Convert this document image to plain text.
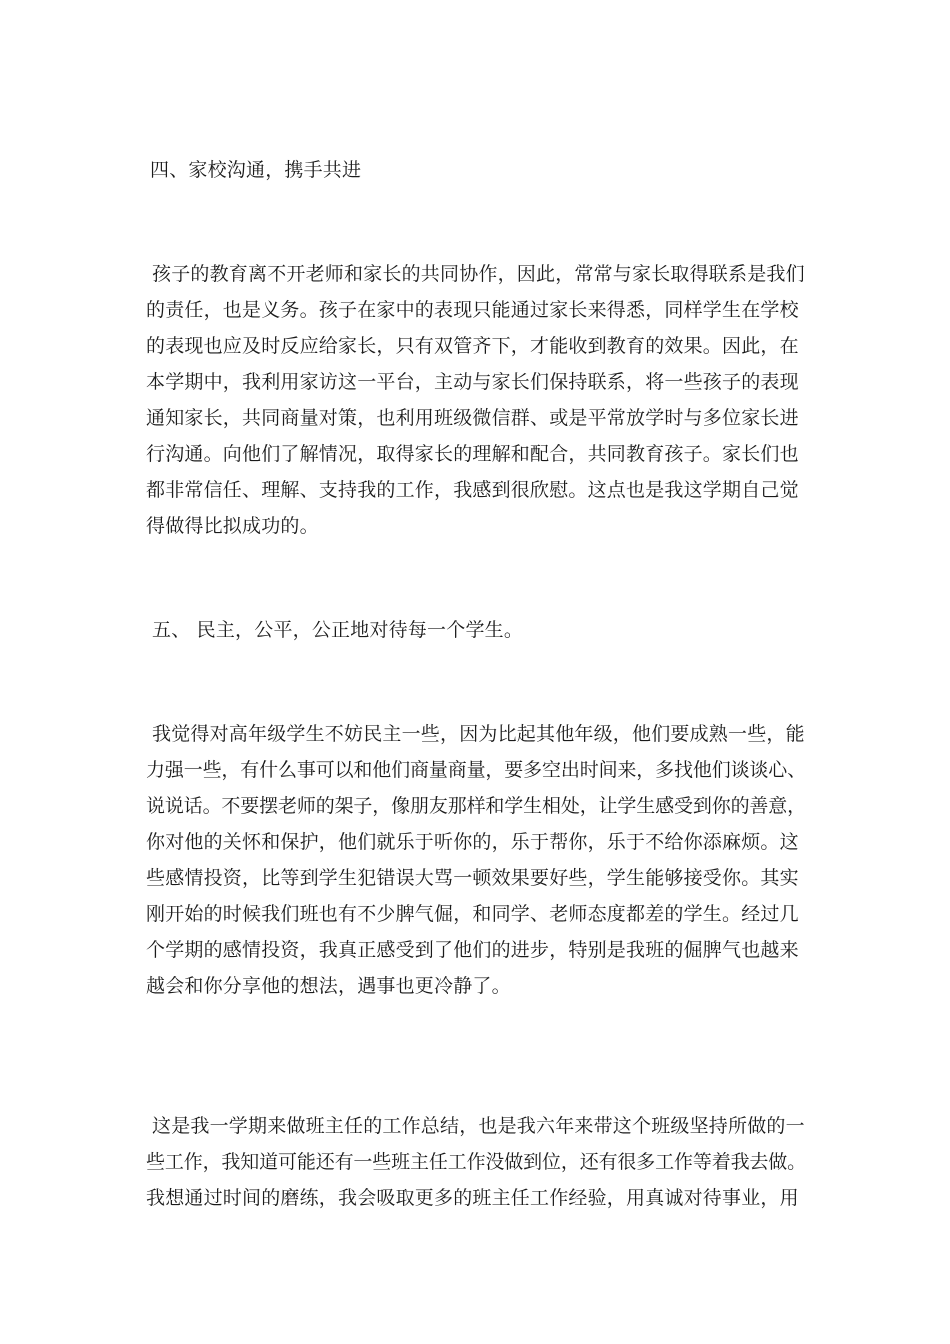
四、家校沟通，携手共进
孩子的教育离不开老师和家长的共同协作，因此，常常与家长取得联系是我们
的责任，也是义务。孩子在家中的表现只能通过家长来得悉，同样学生在学校
的表现也应及时反应给家长，只有双管齐下，才能收到教育的效果。因此，在
本学期中，我利用家访这一平台，主动与家长们保持联系，将一些孩子的表现
通知家长，共同商量对策，也利用班级微信群、或是平常放学时与多位家长进
行沟通。向他们了解情况，取得家长的理解和配合，共同教育孩子。家长们也
都非常信任、理解、支持我的工作，我感到很欣慰。这点也是我这学期自己觉
得做得比拟成功的。
五、 民主，公平，公正地对待每一个学生。
我觉得对高年级学生不妨民主一些，因为比起其他年级，他们要成熟一些，能
力强一些，有什么事可以和他们商量商量，要多空出时间来，多找他们谈谈心、
说说话。不要摆老师的架子，像朋友那样和学生相处，让学生感受到你的善意，
你对他的关怀和保护，他们就乐于听你的，乐于帮你，乐于不给你添麻烦。这
些感情投资，比等到学生犯错误大骂一顿效果要好些，学生能够接受你。其实
刚开始的时候我们班也有不少脾气倔，和同学、老师态度都差的学生。经过几
个学期的感情投资，我真正感受到了他们的进步，特别是我班的倔脾气也越来
越会和你分享他的想法，遇事也更冷静了。
这是我一学期来做班主任的工作总结，也是我六年来带这个班级坚持所做的一
些工作，我知道可能还有一些班主任工作没做到位，还有很多工作等着我去做。
我想通过时间的磨练，我会吸取更多的班主任工作经验，用真诚对待事业，用
